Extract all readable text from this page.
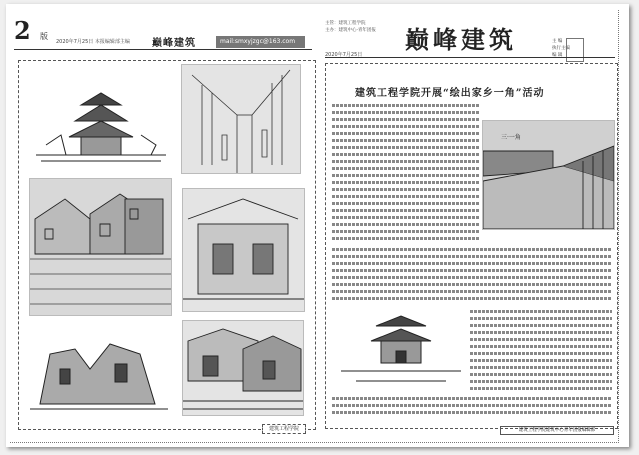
2 版
2020年7月25日 本报编辑部主编 巅峰建筑	mail:smxyjzgc@163.com
建筑工程学院
主管：建筑工程学院
主办：建筑中心·青年团报
2020年7月25日
巅峰建筑	主 编
执行主编
编 辑
建筑工程学院开展“绘出家乡一角”活动
三·一角
建筑工程学院建筑中心青年团报编辑部
